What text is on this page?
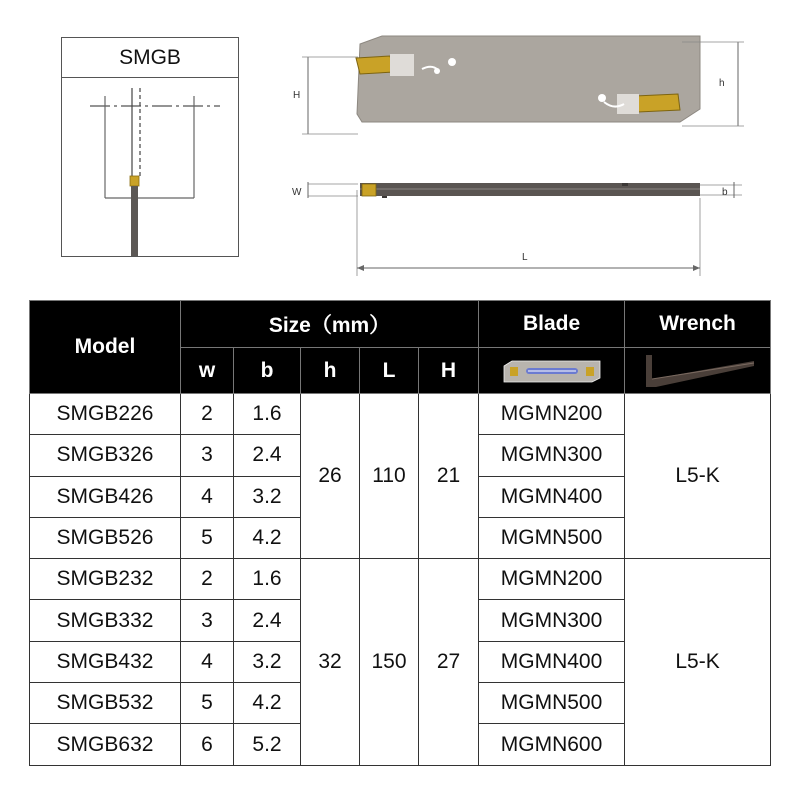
SMGB
H
h
W	b
L
Model	Size（mm）					Blade	Wrench
	w	b	h	L	H	

SMGB226	2	1.6	26	110	21	MGMN200	L5-K
SMGB326	3	2.4				MGMN300	
SMGB426	4	3.2				MGMN400	
SMGB526	5	4.2				MGMN500	
SMGB232	2	1.6	32	150	27	MGMN200	L5-K
SMGB332	3	2.4				MGMN300	
SMGB432	4	3.2				MGMN400	
SMGB532	5	4.2				MGMN500	
SMGB632	6	5.2				MGMN600	
